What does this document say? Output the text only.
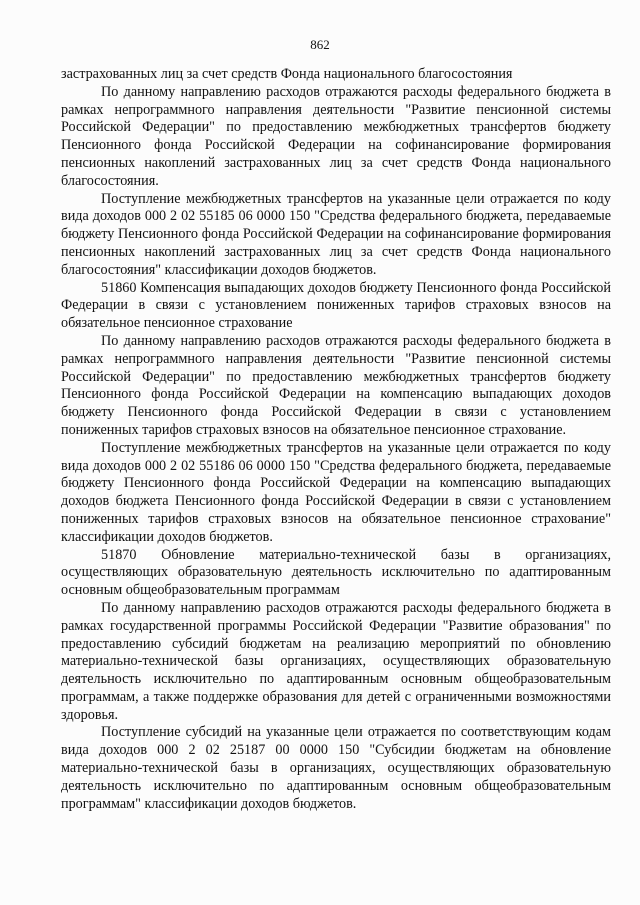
862

застрахованных лиц за счет средств Фонда национального благосостояния

По данному направлению расходов отражаются расходы федерального бюджета в рамках непрограммного направления деятельности "Развитие пенсионной системы Российской Федерации" по предоставлению межбюджетных трансфертов бюджету Пенсионного фонда Российской Федерации на софинансирование формирования пенсионных накоплений застрахованных лиц за счет средств Фонда национального благосостояния.

Поступление межбюджетных трансфертов на указанные цели отражается по коду вида доходов 000 2 02 55185 06 0000 150 "Средства федерального бюджета, передаваемые бюджету Пенсионного фонда Российской Федерации на софинансирование формирования пенсионных накоплений застрахованных лиц за счет средств Фонда национального благосостояния" классификации доходов бюджетов.

51860 Компенсация выпадающих доходов бюджету Пенсионного фонда Российской Федерации в связи с установлением пониженных тарифов страховых взносов на обязательное пенсионное страхование

По данному направлению расходов отражаются расходы федерального бюджета в рамках непрограммного направления деятельности "Развитие пенсионной системы Российской Федерации" по предоставлению межбюджетных трансфертов бюджету Пенсионного фонда Российской Федерации на компенсацию выпадающих доходов бюджету Пенсионного фонда Российской Федерации в связи с установлением пониженных тарифов страховых взносов на обязательное пенсионное страхование.

Поступление межбюджетных трансфертов на указанные цели отражается по коду вида доходов 000 2 02 55186 06 0000 150 "Средства федерального бюджета, передаваемые бюджету Пенсионного фонда Российской Федерации на компенсацию выпадающих доходов бюджета Пенсионного фонда Российской Федерации в связи с установлением пониженных тарифов страховых взносов на обязательное пенсионное страхование" классификации доходов бюджетов.

51870 Обновление материально-технической базы в организациях, осуществляющих образовательную деятельность исключительно по адаптированным основным общеобразовательным программам

По данному направлению расходов отражаются расходы федерального бюджета в рамках государственной программы Российской Федерации "Развитие образования" по предоставлению субсидий бюджетам на реализацию мероприятий по обновлению материально-технической базы организациях, осуществляющих образовательную деятельность исключительно по адаптированным основным общеобразовательным программам, а также поддержке образования для детей с ограниченными возможностями здоровья.

Поступление субсидий на указанные цели отражается по соответствующим кодам вида доходов 000 2 02 25187 00 0000 150 "Субсидии бюджетам на обновление материально-технической базы в организациях, осуществляющих образовательную деятельность исключительно по адаптированным основным общеобразовательным программам" классификации доходов бюджетов.
